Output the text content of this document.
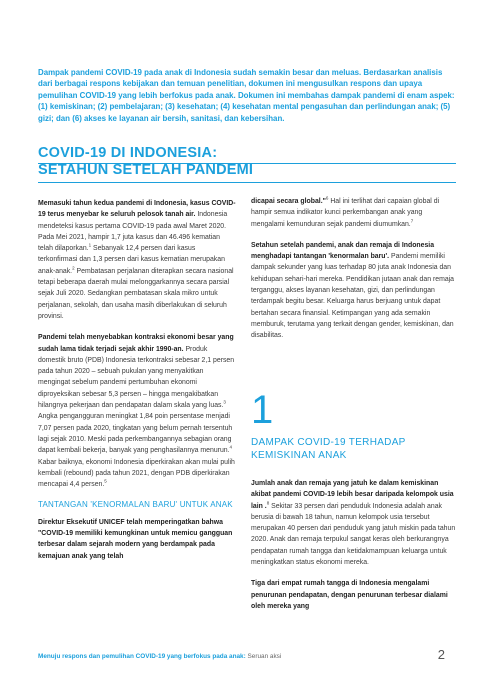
Dampak pandemi COVID-19 pada anak di Indonesia sudah semakin besar dan meluas. Berdasarkan analisis dari berbagai respons kebijakan dan temuan penelitian, dokumen ini mengusulkan respons dan upaya pemulihan COVID-19 yang lebih berfokus pada anak. Dokumen ini membahas dampak pandemi di enam aspek: (1) kemiskinan; (2) pembelajaran; (3) kesehatan; (4) kesehatan mental pengasuhan dan perlindungan anak; (5) gizi; dan (6) akses ke layanan air bersih, sanitasi, dan kebersihan.
COVID-19 DI INDONESIA:
SETAHUN SETELAH PANDEMI

Memasuki tahun kedua pandemi di Indonesia, kasus COVID-19 terus menyebar ke seluruh pelosok tanah air. Indonesia mendeteksi kasus pertama COVID-19 pada awal Maret 2020. Pada Mei 2021, hampir 1,7 juta kasus dan 46.496 kematian telah dilaporkan.$^1$ Sebanyak 12,4 persen dari kasus terkonfirmasi dan 1,3 persen dari kasus kematian merupakan anak-anak.$^2$ Pembatasan perjalanan diterapkan secara nasional tetapi beberapa daerah mulai melonggarkannya secara parsial sejak Juli 2020. Sedangkan pembatasan skala mikro untuk perjalanan, sekolah, dan usaha masih diberlakukan di seluruh provinsi.

Pandemi telah menyebabkan kontraksi ekonomi besar yang sudah lama tidak terjadi sejak akhir 1990-an. Produk domestik bruto (PDB) Indonesia terkontraksi sebesar 2,1 persen pada tahun 2020 – sebuah pukulan yang menyakitkan mengingat sebelum pandemi pertumbuhan ekonomi diproyeksikan sebesar 5,3 persen – hingga mengakibatkan hilangnya pekerjaan dan pendapatan dalam skala yang luas.$^3$ Angka pengangguran meningkat 1,84 poin persentase menjadi 7,07 persen pada 2020, tingkatan yang belum pernah tersentuh lagi sejak 2010. Meski pada perkembangannya sebagian orang dapat kembali bekerja, banyak yang penghasilannya menurun.$^4$ Kabar baiknya, ekonomi Indonesia diperkirakan akan mulai pulih kembali (rebound) pada tahun 2021, dengan PDB diperkirakan mencapai 4,4 persen.$^5$

TANTANGAN 'KENORMALAN BARU' UNTUK ANAK

Direktur Eksekutif UNICEF telah memperingatkan bahwa "COVID-19 memiliki kemungkinan untuk memicu gangguan terbesar dalam sejarah modern yang berdampak pada kemajuan anak yang telah

dicapai secara global."$^6$ Hal ini terlihat dari capaian global di hampir semua indikator kunci perkembangan anak yang mengalami kemunduran sejak pandemi diumumkan.$^7$

Setahun setelah pandemi, anak dan remaja di Indonesia menghadapi tantangan 'kenormalan baru'. Pandemi memiliki dampak sekunder yang luas terhadap 80 juta anak Indonesia dan kehidupan sehari-hari mereka. Pendidikan jutaan anak dan remaja terganggu, akses layanan kesehatan, gizi, dan perlindungan terdampak begitu besar. Keluarga harus berjuang untuk dapat bertahan secara finansial. Ketimpangan yang ada semakin memburuk, terutama yang terkait dengan gender, kemiskinan, dan disabilitas.

1
DAMPAK COVID-19 TERHADAP
KEMISKINAN ANAK

Jumlah anak dan remaja yang jatuh ke dalam kemiskinan akibat pandemi COVID-19 lebih besar daripada kelompok usia lain .$^8$ Sekitar 33 persen dari penduduk Indonesia adalah anak berusia di bawah 18 tahun, namun kelompok usia tersebut merupakan 40 persen dari penduduk yang jatuh miskin pada tahun 2020. Anak dan remaja terpukul sangat keras oleh berkurangnya pendapatan rumah tangga dan ketidakmampuan keluarga untuk meningkatkan status ekonomi mereka.

Tiga dari empat rumah tangga di Indonesia mengalami penurunan pendapatan, dengan penurunan terbesar dialami oleh mereka yang

Menuju respons dan pemulihan COVID-19 yang berfokus pada anak: Seruan aksi	2
